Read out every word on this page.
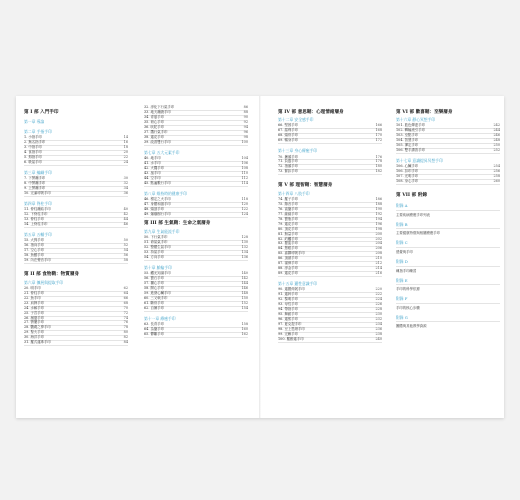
第 I 部 入門手印
第一章 導論
第二章 手指手印
1. 小指手印	14
2. 無名指手印	16
3. 中指手印	18
4. 食指手印	20
5. 拇指手印	22
6. 吸氣手印	24
第三章 編織手印
7. 下顎纏手印	30
8. 中顎纏手印	32
9. 上顎纏手印	34
10. 完滿呼吸手印	36
第四章 脊柱手印
11. 脊柱纏結手印	40
12. 下脊柱手印	42
13. 脊柱手印	44
14. 上脊柱手印	46
第五章 五輔手印
15. 大拇手印	50
16. 指向手印	52
17. 空心手印	54
18. 魚鰭手印	56
19. 內在聲音手印	58
第 II 部 食物鞘：物質層身
第六章 擴展與提取手印
20. 明手印	62
21. 脊柱手印	64
22. 魚手印	66
23. 肩胛手印	68
24. 水解手印	70
25. 子宮手印	72
26. 濕婆手印	74
27. 顎擺手印	76
28. 鸚鵡之棒手印	78
29. 聖火手印	80
30. 海洋手印	82
31. 羅式蓮珠手印	84
32. 淨化下行氣手印	86
33. 地天纏繞手印	88
34. 青蔓手印	90
35. 荷心手印	92
36. 吠陀手印	94
37. 鷹行氣手印	96
38. 蓮花手印	98
39. 改善雙行手印	100
第七章 五大元素手印
40. 地手印	104
41. 水手印	106
42. 火鷹手印	108
43. 風手印	110
44. 空手印	112
45. 點遍數行手印	114
第八章 維持時的健康手印
46. 穩定之火手印	118
47. 身體和諧手印	120
48. 頭頂手印	122
49. 爆爆樹行手印	124
第 III 部 生氣鞘：生命之氣層身
第九章 生氣能流手印
50. 下行氣手印	128
51. 命氣氣手印	130
52. 整體生氣手印	132
53. 持氣手印	134
54. 方向手印	136
第十章 脈輪手印
55. 觸光知識手印	140
56. 寶石手印	142
57. 攝心手印	144
58. 開心手印	146
59. 進發心臟手印	148
60. 三叉戟手印	150
61. 斷骨手印	152
62. 自擁手印	154
第十一章 療癒手印
63. 長青手印	158
64. 為盤手印	160
65. 鬱離手印	162
第 IV 部 意思鞘：心理情緒層身
第十二章 安全感手印
66. 堅固手印	166
67. 巖利手印	168
68. 頭骨手印	170
69. 暢身手印	172
第十三章 身心療癒手印
70. 獵頭手印	176
71. 負靈手印	178
72. 指頭手印	180
73. 緊扣手印	182
第 V 部 理智鞘：智慧層身
第十四章 八肢手印
74. 羅子手印	186
75. 錄音手印	188
76. 賓盤手印	190
77. 絲絲手印	192
78. 寶瓶手印	194
79. 蓮花手印	196
80. 頂花手印	198
81. 無量手印	200
82. 約觸手印	202
83. 嬰姿手印	204
84. 慧眼手印	206
85. 嘉鑽呼吸手印	208
86. 頂頸手印	210
87. 貓伸手印	212
88. 淨金手印	214
89. 蓮花手印	216
第十五章 邏性意識手印
90. 蓮膜伸展手印	220
91. 蓮幹手印	222
92. 黎明手印	224
93. 母性手印	226
94. 帶指手印	228
95. 舞蹈手印	230
96. 蓮熊手印	232
97. 夏克提手印	234
98. 豆上思緒手印	236
99. 完賴手印	238
100. 羅勳蓮手印	240
第 VI 部 歡喜鞘：至樂層身
第十六章 靜心冥想手印
101. 藍色傳達手印	242
102. 轉輪流引手印	244
103. 至點手印	246
104. 智慧手印	248
105. 禪定手印	250
106. 雙手讚善手印	252
第十七章 意識提昇冥想手印
106. 心臟手印	254
106. 扣印手印	256
107. 光明手印	258
108. 身心手印	260
第 VII 部 附錄
附錄 A
主要疾病療癒手印列表
附錄 B
主要健康特徵與相關療癒手印
附錄 C
感覺與手印
附錄 D
練指手印練習
附錄 E
手印的科學依據
附錄 F
手印的核心步驟
附錄 G
團體與其他教學資源
